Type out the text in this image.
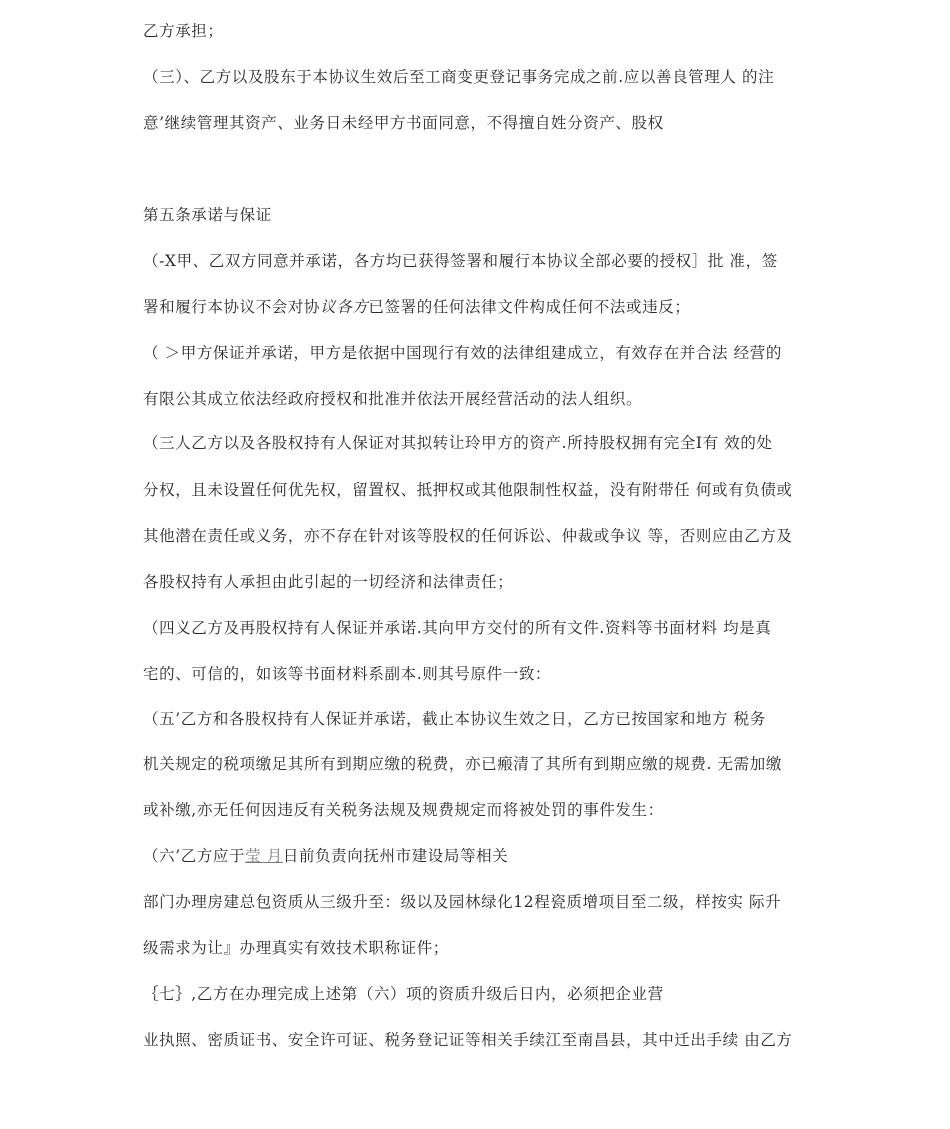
乙方承担；
（三）、乙方以及股东于本协议生效后至工商变更登记事务完成之前.应以善良管理人 的注
意’继续管理其资产、业务日未经甲方书面同意，不得擅自姓分资产、股权
第五条承诺与保证
（-X甲、乙双方同意并承诺，各方均已获得签署和履行本协议全部必要的授权］批 准，签
署和履行本协议不会对协议各方已签署的任何法律文件构成任何不法或违反；
（ ＞甲方保证并承诺，甲方是依据中国现行有效的法律组建成立，有效存在并合法 经营的
有限公其成立依法经政府授权和批准并依法开展经营活动的法人组织。
（三人乙方以及各股权持有人保证对其拟转让玲甲方的资产.所持股权拥有完全I有 效的处
分权，且未设置任何优先权，留置权、抵押权或其他限制性权益，没有附带任 何或有负债或
其他潜在责任或义务，亦不存在针对该等股权的任何诉讼、仲裁或争议 等，否则应由乙方及
各股权持有人承担由此引起的一切经济和法律责任；
（四义乙方及再股权持有人保证并承诺.其向甲方交付的所有文件.资料等书面材料 均是真
宅的、可信的，如该等书面材料系副本.则其号原件一致：
（五’乙方和各股权持有人保证并承诺，截止本协议生效之日，乙方已按国家和地方 税务
机关规定的税项缴足其所有到期应缴的税费，亦已瘢清了其所有到期应缴的规费. 无需加缴
或补缴,亦无任何因违反有关税务法规及规费规定而将被处罚的事件发生：
（六’乙方应于莹 月日前负责向抚州市建设局等相关
部门办理房建总包资质从三级升至：级以及园林绿化12程瓷质增项目至二级，样按实 际升
级需求为让』办理真实有效技术职称证件；
｛七｝,乙方在办理完成上述第（六）项的资质升级后日内，必须把企业营
业执照、密质证书、安全许可证、税务登记证等相关手续江至南昌县，其中迁出手续 由乙方
